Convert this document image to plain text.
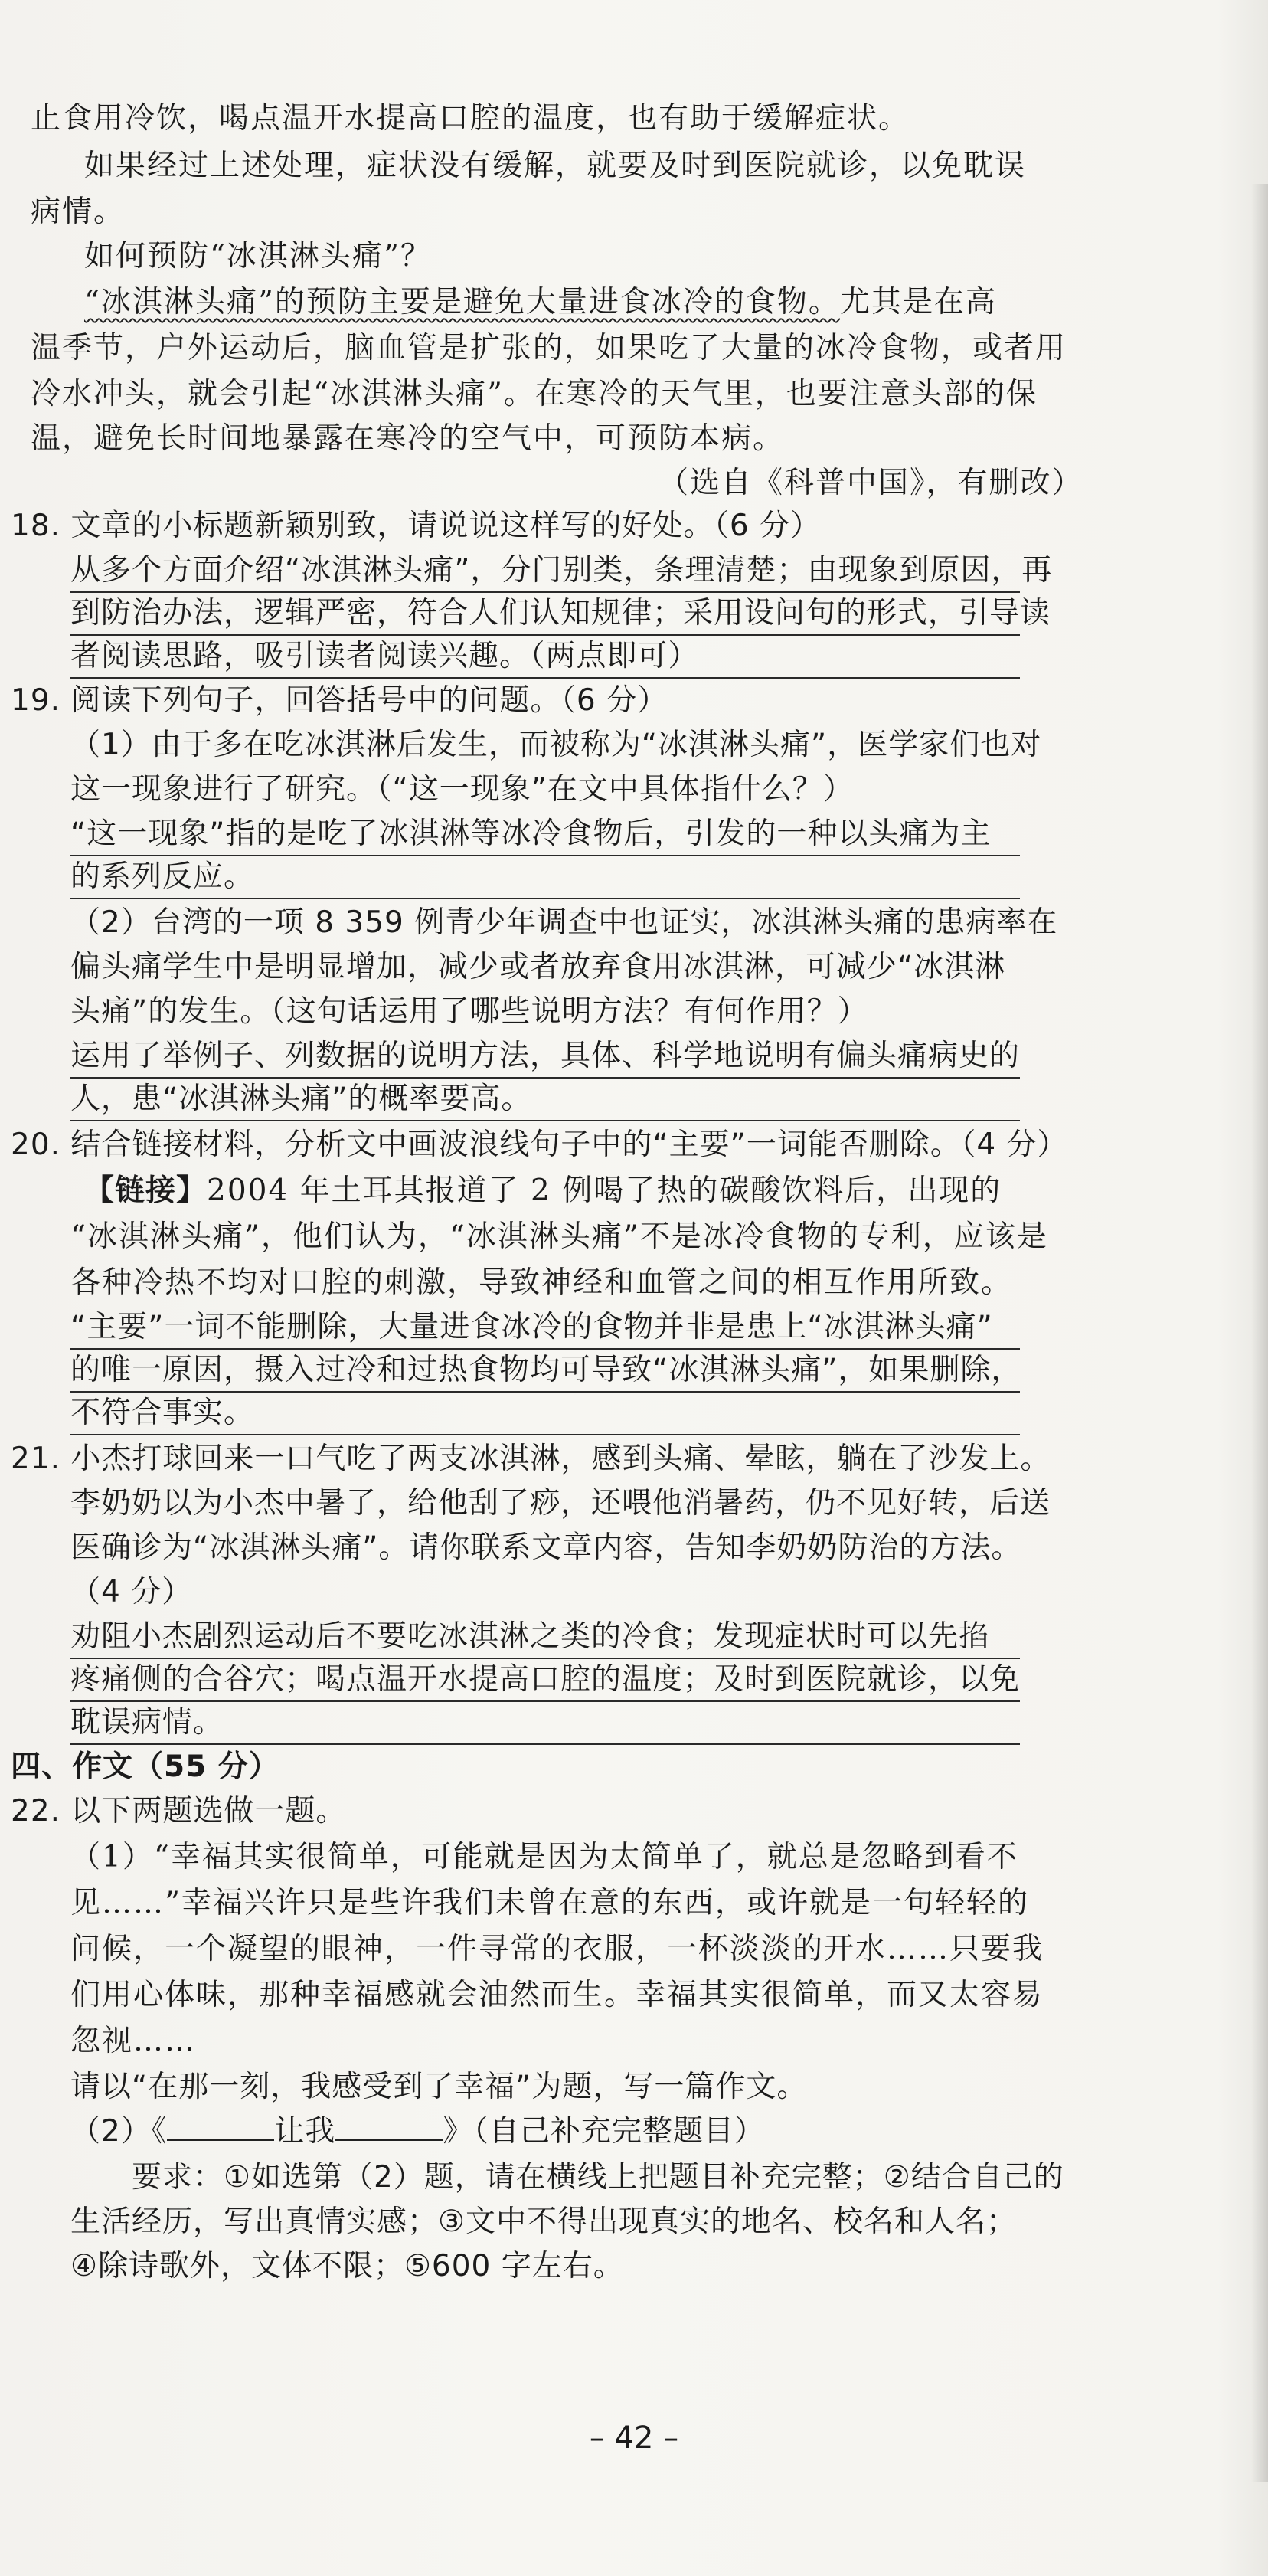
止食用冷饮，喝点温开水提高口腔的温度，也有助于缓解症状。
如果经过上述处理，症状没有缓解，就要及时到医院就诊，以免耽误
病情。
如何预防“冰淇淋头痛”？
“冰淇淋头痛”的预防主要是避免大量进食冰冷的食物。尤其是在高
温季节，户外运动后，脑血管是扩张的，如果吃了大量的冰冷食物，或者用
冷水冲头，就会引起“冰淇淋头痛”。在寒冷的天气里，也要注意头部的保
温，避免长时间地暴露在寒冷的空气中，可预防本病。
（选自《科普中国》，有删改）
18. 文章的小标题新颖别致，请说说这样写的好处。（6 分）
从多个方面介绍“冰淇淋头痛”，分门别类，条理清楚；由现象到原因，再
到防治办法，逻辑严密，符合人们认知规律；采用设问句的形式，引导读
者阅读思路，吸引读者阅读兴趣。（两点即可）
19. 阅读下列句子，回答括号中的问题。（6 分）
（1）由于多在吃冰淇淋后发生，而被称为“冰淇淋头痛”，医学家们也对
这一现象进行了研究。（“这一现象”在文中具体指什么？）
“这一现象”指的是吃了冰淇淋等冰冷食物后，引发的一种以头痛为主
的系列反应。
（2）台湾的一项 8 359 例青少年调查中也证实，冰淇淋头痛的患病率在
偏头痛学生中是明显增加，减少或者放弃食用冰淇淋，可减少“冰淇淋
头痛”的发生。（这句话运用了哪些说明方法？有何作用？）
运用了举例子、列数据的说明方法，具体、科学地说明有偏头痛病史的
人，患“冰淇淋头痛”的概率要高。
20. 结合链接材料，分析文中画波浪线句子中的“主要”一词能否删除。（4 分）
【链接】2004 年土耳其报道了 2 例喝了热的碳酸饮料后，出现的
“冰淇淋头痛”，他们认为，“冰淇淋头痛”不是冰冷食物的专利，应该是
各种冷热不均对口腔的刺激，导致神经和血管之间的相互作用所致。
“主要”一词不能删除，大量进食冰冷的食物并非是患上“冰淇淋头痛”
的唯一原因，摄入过冷和过热食物均可导致“冰淇淋头痛”，如果删除，
不符合事实。
21. 小杰打球回来一口气吃了两支冰淇淋，感到头痛、晕眩，躺在了沙发上。
李奶奶以为小杰中暑了，给他刮了痧，还喂他消暑药，仍不见好转，后送
医确诊为“冰淇淋头痛”。请你联系文章内容，告知李奶奶防治的方法。
（4 分）
劝阻小杰剧烈运动后不要吃冰淇淋之类的冷食；发现症状时可以先掐
疼痛侧的合谷穴；喝点温开水提高口腔的温度；及时到医院就诊，以免
耽误病情。
四、作文（55 分）
22. 以下两题选做一题。
（1）“幸福其实很简单，可能就是因为太简单了，就总是忽略到看不
见……”幸福兴许只是些许我们未曾在意的东西，或许就是一句轻轻的
问候，一个凝望的眼神，一件寻常的衣服，一杯淡淡的开水……只要我
们用心体味，那种幸福感就会油然而生。幸福其实很简单，而又太容易
忽视……
请以“在那一刻，我感受到了幸福”为题，写一篇作文。
（2）《	让我	》（自己补充完整题目）
要求：①如选第（2）题，请在横线上把题目补充完整；②结合自己的
生活经历，写出真情实感；③文中不得出现真实的地名、校名和人名；
④除诗歌外，文体不限；⑤600 字左右。
– 42 –
